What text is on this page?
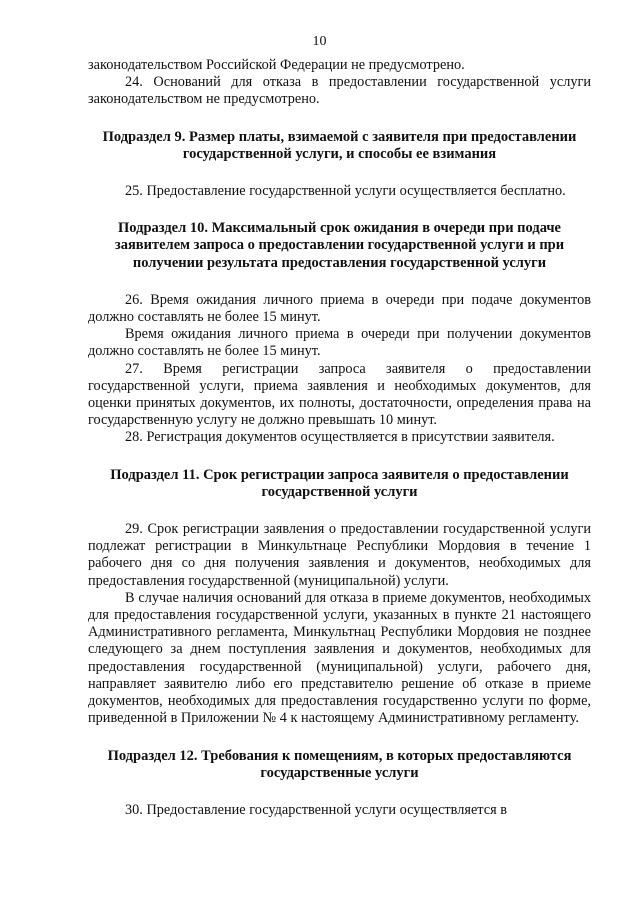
10

законодательством Российской Федерации не предусмотрено.

24. Оснований для отказа в предоставлении государственной услуги законодательством не предусмотрено.

Подраздел 9. Размер платы, взимаемой с заявителя при предоставлении государственной услуги, и способы ее взимания

25. Предоставление государственной услуги осуществляется бесплатно.

Подраздел 10. Максимальный срок ожидания в очереди при подаче заявителем запроса о предоставлении государственной услуги и при получении результата предоставления государственной услуги

26. Время ожидания личного приема в очереди при подаче документов должно составлять не более 15 минут.

Время ожидания личного приема в очереди при получении документов должно составлять не более 15 минут.

27. Время регистрации запроса заявителя о предоставлении государственной услуги, приема заявления и необходимых документов, для оценки принятых документов, их полноты, достаточности, определения права на государственную услугу не должно превышать 10 минут.

28. Регистрация документов осуществляется в присутствии заявителя.

Подраздел 11. Срок регистрации запроса заявителя о предоставлении государственной услуги

29. Срок регистрации заявления о предоставлении государственной услуги подлежат регистрации в Минкультнаце Республики Мордовия в течение 1 рабочего дня со дня получения заявления и документов, необходимых для предоставления государственной (муниципальной) услуги.

В случае наличия оснований для отказа в приеме документов, необходимых для предоставления государственной услуги, указанных в пункте 21 настоящего Административного регламента, Минкультнац Республики Мордовия не позднее следующего за днем поступления заявления и документов, необходимых для предоставления государственной (муниципальной) услуги, рабочего дня, направляет заявителю либо его представителю решение об отказе в приеме документов, необходимых для предоставления государственно услуги по форме, приведенной в Приложении № 4 к настоящему Административному регламенту.

Подраздел 12. Требования к помещениям, в которых предоставляются государственные услуги

30. Предоставление государственной услуги осуществляется в
